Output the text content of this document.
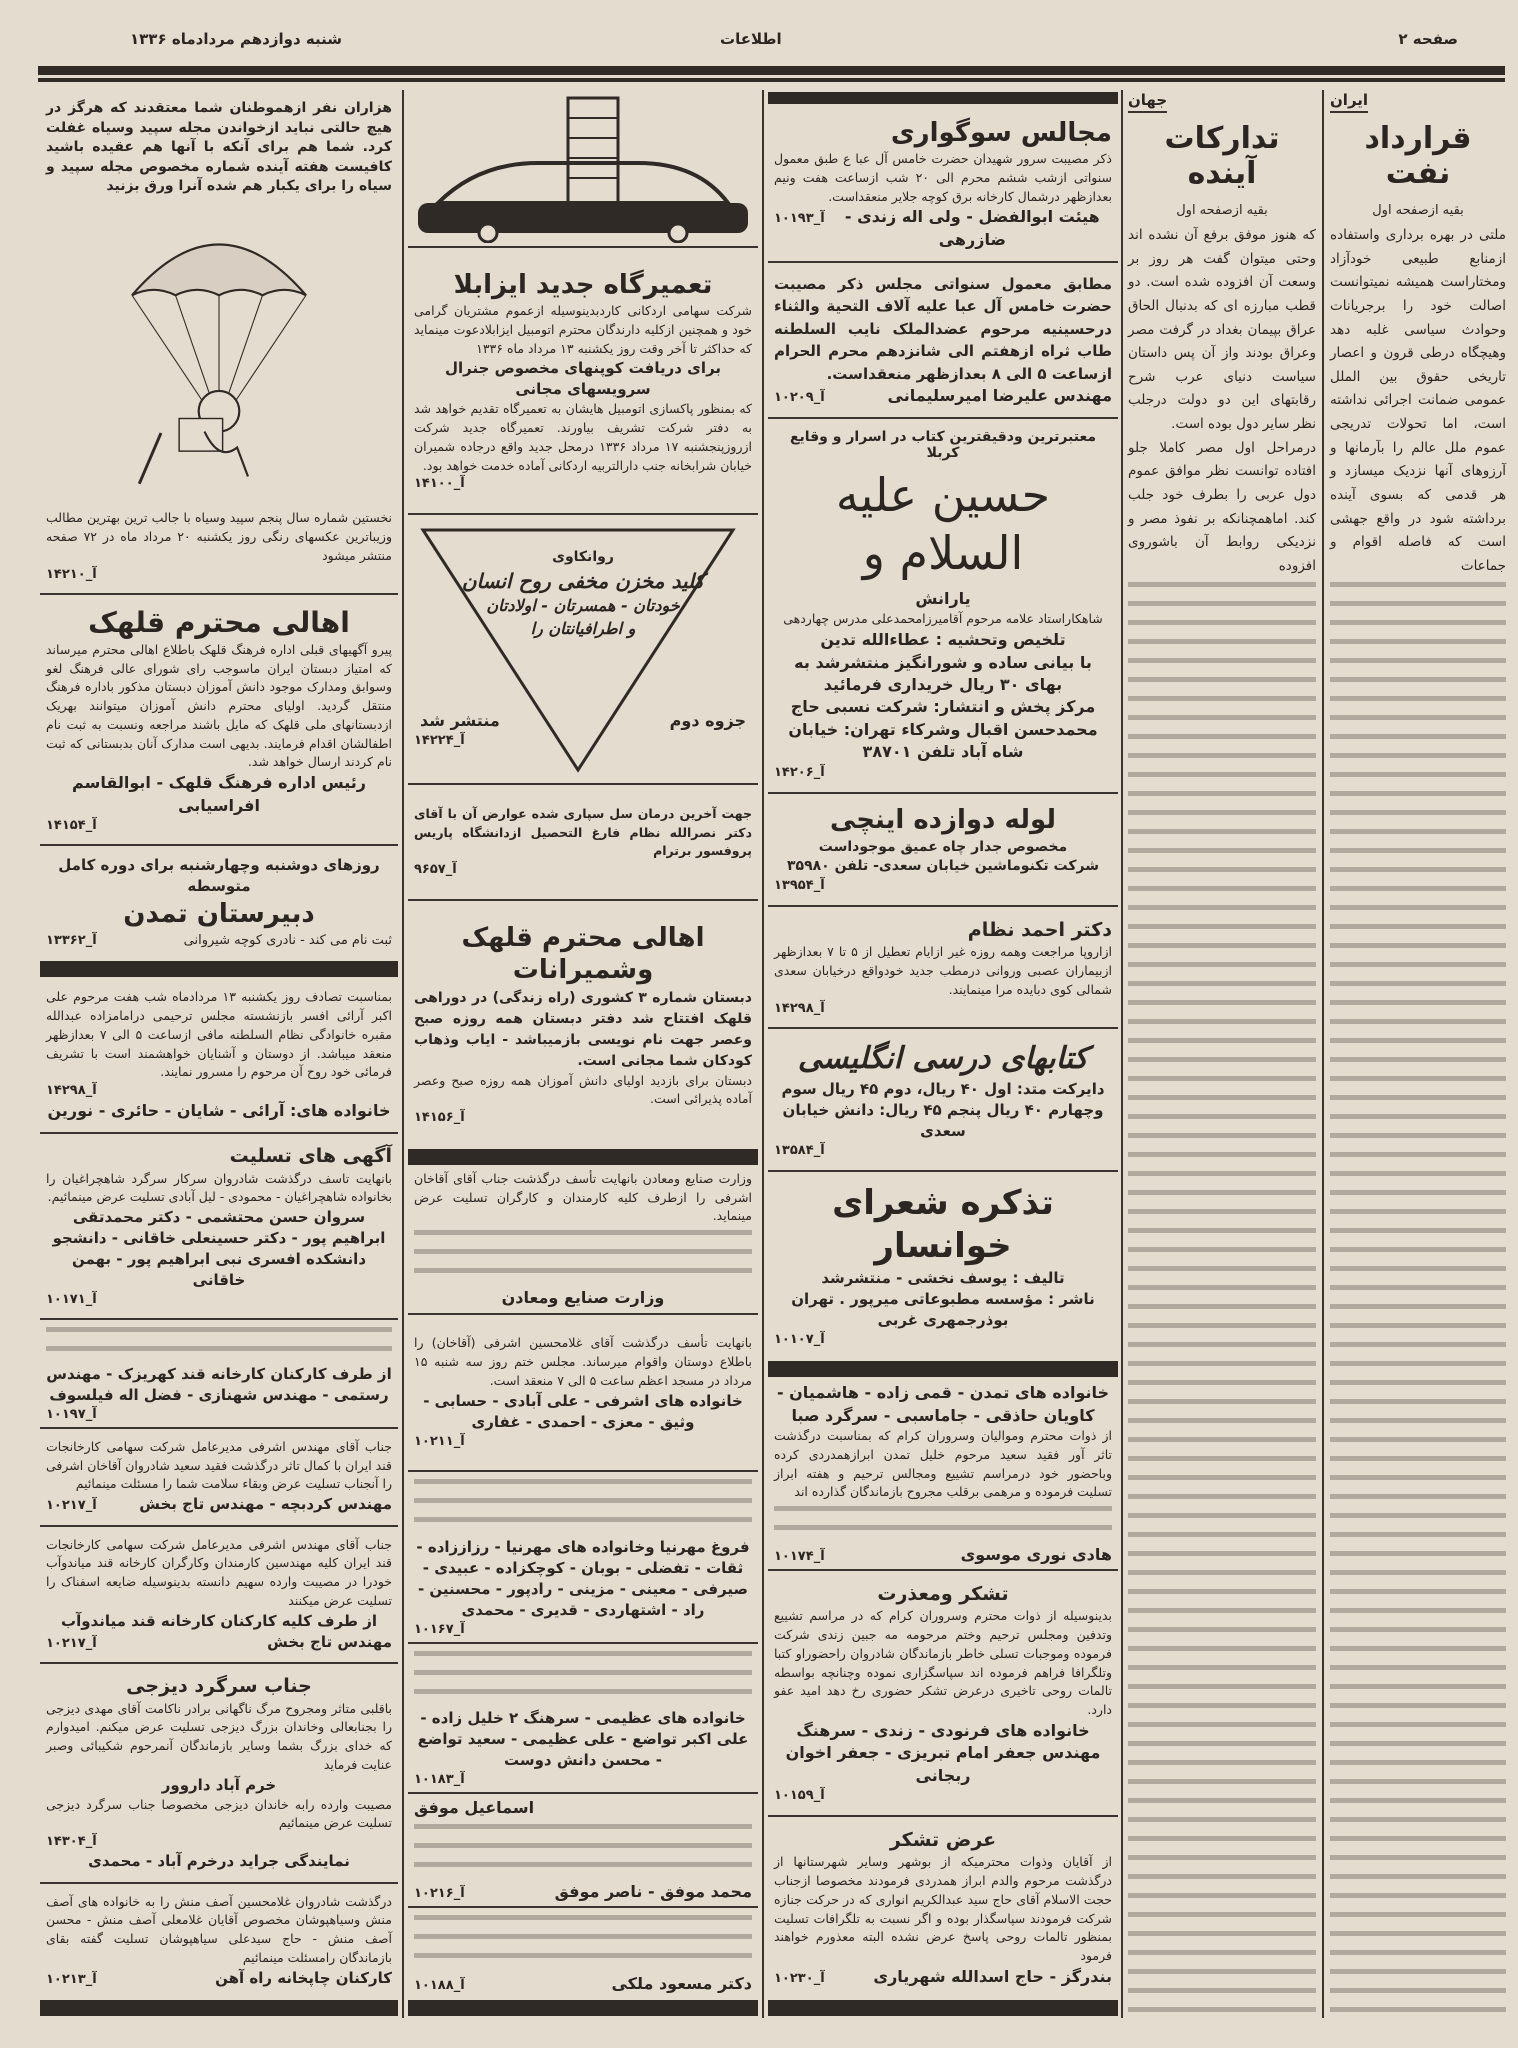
صفحه ۲
اطلاعات
شنبه دوازدهم مردادماه ۱۳۳۶
ایران
قرارداد نفت
بقیه ازصفحه اول

ملتی در بهره برداری واستفاده ازمنابع طبیعی خودآزاد ومختاراست همیشه نمیتوانست اصالت خود را برجریانات وحوادث سیاسی غلبه دهد وهیچگاه درطی قرون و اعصار تاریخی حقوق بین الملل عمومی ضمانت اجرائی نداشته است، اما تحولات تدریجی عموم ملل عالم را بآرمانها و آرزوهای آنها نزدیک میسازد و هر قدمی که بسوی آینده برداشته شود در واقع جهشی است که فاصله اقوام و جماعات

جهان
تدارکات آینده
بقیه ازصفحه اول

که هنوز موفق برفع آن نشده اند وحتی میتوان گفت هر روز بر وسعت آن افزوده شده است. دو قطب مبارزه ای که بدنبال الحاق عراق بپیمان بغداد در گرفت مصر وعراق بودند واز آن پس داستان سیاست دنیای عرب شرح رقابتهای این دو دولت درجلب نظر سایر دول بوده است.

درمراحل اول مصر کاملا جلو افتاده توانست نظر موافق عموم دول عربی را بطرف خود جلب کند. اماهمچنانکه بر نفوذ مصر و نزدیکی روابط آن باشوروی افزوده

مجالس سوگواری

ذکر مصیبت سرور شهیدان حضرت خامس آل عبا ع طبق معمول سنواتی ازشب ششم محرم الی ۲۰ شب ازساعت هفت ونیم بعدازظهر درشمال کارخانه برق کوچه جلایر منعقداست.

هیئت ابوالفضل - ولی اله زندی - ضازرهی
آ_۱۰۱۹۳

مطابق معمول سنواتی مجلس ذکر مصیبت حضرت خامس آل عبا علیه آلاف التحیة والثناء درحسینیه مرحوم عضدالملک نایب السلطنه طاب ثراه ازهفتم الی شانزدهم محرم الحرام ازساعت ۵ الی ۸ بعدازظهر منعقداست.

مهندس علیرضا امیرسلیمانی
آ_۱۰۲۰۹
معتبرترین ودقیقترین کتاب در اسرار و وقایع کربلا
حسین علیه السلام و
یارانش

شاهکاراستاد علامه مرحوم آقامیرزامحمدعلی مدرس چهاردهی

تلخیص وتحشیه : عطاءالله تدین
با بیانی ساده و شورانگیز منتشرشد به بهای ۳۰ ریال خریداری فرمائید
مرکز پخش و انتشار: شرکت نسبی حاج محمدحسن اقبال وشرکاء تهران: خیابان شاه آباد تلفن ۳۸۷۰۱
آ_۱۴۲۰۶
لوله دوازده اینچی
مخصوص جدار چاه عمیق موجوداست
شرکت تکنوماشین خیابان سعدی- تلفن ۳۵۹۸۰
آ_۱۳۹۵۴
دکتر احمد نظام

ازاروپا مراجعت وهمه روزه غیر ازایام تعطیل از ۵ تا ۷ بعدازظهر ازبیماران عصبی وروانی درمطب جدید خودواقع درخیابان سعدی شمالی کوی دبایده مرا مینمایند.

آ_۱۴۲۹۸
کتابهای درسی انگلیسی
دایرکت متد: اول ۴۰ ریال، دوم ۴۵ ریال سوم وچهارم ۴۰ ریال پنجم ۴۵ ریال: دانش خیابان سعدی
آ_۱۳۵۸۴
تذکره شعرای خوانسار
تالیف : یوسف نخشی - منتشرشد
ناشر : مؤسسه مطبوعاتی میرپور . تهران بوذرجمهری غربی
آ_۱۰۱۰۷
خانواده های تمدن - قمی زاده - هاشمیان - کاویان حاذقی - جاماسبی - سرگرد صبا

از ذوات محترم وموالیان وسروران کرام که بمناسبت درگذشت تاثر آور فقید سعید مرحوم خلیل تمدن ابرازهمدردی کرده وباحضور خود درمراسم تشییع ومجالس ترحیم و هفته ابراز تسلیت فرموده و مرهمی برقلب مجروح بازماندگان گذارده اند

هادی نوری موسوی
آ_۱۰۱۷۴
تشکر ومعذرت

بدینوسیله از ذوات محترم وسروران کرام که در مراسم تشییع وتدفین ومجلس ترحیم وختم مرحومه مه جبین زندی شرکت فرموده وموجبات تسلی خاطر بازماندگان شادروان راحضوراو کتبا وتلگرافا فراهم فرموده اند سپاسگزاری نموده وچنانچه بواسطه تالمات روحی تاخیری درعرض تشکر حضوری رخ دهد امید عفو دارد.

خانواده های فرنودی - زندی - سرهنگ مهندس جعفر امام تبریزی - جعفر اخوان ربجانی
آ_۱۰۱۵۹
عرض تشکر

از آقایان وذوات محترمیکه از بوشهر وسایر شهرستانها از درگذشت مرحوم والدم ابراز همدردی فرمودند مخصوصا ازجناب حجت الاسلام آقای حاج سید عبدالکریم انواری که در حرکت جنازه شرکت فرمودند سپاسگذار بوده و اگر نسبت به تلگرافات تسلیت بمنظور تالمات روحی پاسخ عرض نشده البته معذورم خواهند فرمود

بندرگز - حاج اسدالله شهریاری
آ_۱۰۲۳۰
تعمیرگاه جدید ایزابلا

شرکت سهامی اردکانی کاردبدینوسیله ازعموم مشتریان گرامی خود و همچنین ازکلیه دارندگان محترم اتومبیل ایزابلادعوت مینماید که حداکثر تا آخر وقت روز یکشنبه ۱۳ مرداد ماه ۱۳۳۶

برای دریافت کوپنهای مخصوص جنرال سرویسهای مجانی

که بمنظور پاکسازی اتومبیل هایشان به تعمیرگاه تقدیم خواهد شد به دفتر شرکت تشریف بیاورند. تعمیرگاه جدید شرکت ازروزپنجشنبه ۱۷ مرداد ۱۳۳۶ درمحل جدید واقع درجاده شمیران خیابان شرابخانه جنب دارالتربیه اردکانی آماده خدمت خواهد بود.

آ_۱۴۱۰۰
روانکاوی
کلید مخزن مخفی روح انسان
خودتان - همسرتان - اولادتان
و اطرافیانتان را
جزوه دوم
منتشر شد
آ_۱۴۲۲۴

جهت آخرین درمان سل سپاری شده عوارض آن با آقای دکتر نصرالله نظام فارغ التحصیل ازدانشگاه پاریس پروفسور برترام

آ_۹۶۵۷
اهالی محترم قلهک وشمیرانات

دبستان شماره ۳ کشوری (راه زندگی) در دوراهی قلهک افتتاح شد دفتر دبستان همه روزه صبح وعصر جهت نام نویسی بازمیباشد - ایاب وذهاب کودکان شما مجانی است.

دبستان برای بازدید اولیای دانش آموزان همه روزه صبح وعصر آماده پذیرائی است.

آ_۱۴۱۵۶

وزارت صنایع ومعادن بانهایت تأسف درگذشت جناب آقای آقاخان اشرفی را ازطرف کلیه کارمندان و کارگران تسلیت عرض مینماید.

وزارت صنایع ومعادن

بانهایت تأسف درگذشت آقای غلامحسین اشرفی (آقاخان) را باطلاع دوستان واقوام میرساند. مجلس ختم روز سه شنبه ۱۵ مرداد در مسجد اعظم ساعت ۵ الی ۷ منعقد است.

خانواده های اشرفی - علی آبادی - حسابی - وثیق - معزی - احمدی - غفاری
آ_۱۰۲۱۱
فروغ مهرنیا وخانواده های مهرنیا - رزاززاده - ثقات - تفضلی - بوبان - کوچکزاده - عبیدی - صیرفی - معینی - مزینی - رادپور - محسنین - راد - اشتهاردی - قدیری - محمدی
آ_۱۰۱۶۷
خانواده های عظیمی - سرهنگ ۲ خلیل زاده - علی اکبر تواضع - علی عظیمی - سعید تواضع - محسن دانش دوست
آ_۱۰۱۸۳
اسماعیل موفق
محمد موفق - ناصر موفق
آ_۱۰۲۱۶
دکتر مسعود ملکی
آ_۱۰۱۸۸
هزاران نفر ازهموطنان شما معتقدند که هرگز در هیچ حالتی نباید ازخواندن مجله سپید وسیاه غفلت کرد. شما هم برای آنکه با آنها هم عقیده باشید کافیست هفته آینده شماره مخصوص مجله سپید و سیاه را برای یکبار هم شده آنرا ورق بزنید

نخستین شماره سال پنجم سپید وسیاه با جالب ترین بهترین مطالب وزیباترین عکسهای رنگی روز یکشنبه ۲۰ مرداد ماه در ۷۲ صفحه منتشر میشود

آ_۱۴۲۱۰
اهالی محترم قلهک

پیرو آگهیهای قبلی اداره فرهنگ قلهک باطلاع اهالی محترم میرساند که امتیاز دبستان ایران ماسوجب رای شورای عالی فرهنگ لغو وسوابق ومدارک موجود دانش آموزان دبستان مذکور باداره فرهنگ منتقل گردید. اولیای محترم دانش آموزان میتوانند بهریک ازدبستانهای ملی قلهک که مایل باشند مراجعه ونسبت به ثبت نام اطفالشان اقدام فرمایند. بدیهی است مدارک آنان بدبستانی که ثبت نام کردند ارسال خواهد شد.

رئیس اداره فرهنگ قلهک - ابوالقاسم افراسیابی
آ_۱۴۱۵۴
روزهای دوشنبه وچهارشنبه برای دوره کامل متوسطه
دبیرستان تمدن
ثبت نام می کند - نادری کوچه شیروانی
آ_۱۳۳۶۲

بمناسبت تصادف روز یکشنبه ۱۳ مردادماه شب هفت مرحوم علی اکبر آرائی افسر بازنشسته مجلس ترحیمی درامامزاده عبدالله مقبره خانوادگی نظام السلطنه مافی ازساعت ۵ الی ۷ بعدازظهر منعقد میباشد. از دوستان و آشنایان خواهشمند است با تشریف فرمائی خود روح آن مرحوم را مسرور نمایند.

آ_۱۴۲۹۸
خانواده های: آرائی - شایان - حائری - نورین
آگهی های تسلیت

بانهایت تاسف درگذشت شادروان سرکار سرگرد شاهچراغیان را بخانواده شاهچراغیان - محمودی - لیل آبادی تسلیت عرض مینمائیم.

سروان حسن محتشمی - دکتر محمدتقی ابراهیم پور - دکتر حسینعلی خاقانی - دانشجو دانشکده افسری نبی ابراهیم پور - بهمن خاقانی
آ_۱۰۱۷۱
از طرف کارکنان کارخانه قند کهریزک - مهندس رستمی - مهندس شهنازی - فضل اله فیلسوف
آ_۱۰۱۹۷

جناب آقای مهندس اشرفی مدیرعامل شرکت سهامی کارخانجات قند ایران با کمال تاثر درگذشت فقید سعید شادروان آقاخان اشرفی را آنجناب تسلیت عرض وبقاء سلامت شما را مسئلت مینمائیم

مهندس کردبچه - مهندس تاج بخش
آ_۱۰۲۱۷

جناب آقای مهندس اشرفی مدیرعامل شرکت سهامی کارخانجات قند ایران کلیه مهندسین کارمندان وکارگران کارخانه قند میاندوآب خودرا در مصیبت وارده سهیم دانسته بدینوسیله ضایعه اسفناک را تسلیت عرض میکنند

از طرف کلیه کارکنان کارخانه قند میاندوآب
مهندس تاج بخش
آ_۱۰۲۱۷
جناب سرگرد دیزجی

باقلبی متاثر ومجروح مرگ ناگهانی برادر ناکامت آقای مهدی دیزجی را بجنابعالی وخاندان بزرگ دیزجی تسلیت عرض میکنم. امیدوارم که خدای بزرگ بشما وسایر بازماندگان آنمرحوم شکیبائی وصبر عنایت فرماید

خرم آباد داروور

مصیبت وارده رابه خاندان دیزجی مخصوصا جناب سرگرد دیزجی تسلیت عرض مینمائیم

آ_۱۴۳۰۴
نمایندگی جراید درخرم آباد - محمدی

درگذشت شادروان غلامحسین آصف منش را به خانواده های آصف منش وسیاهپوشان مخصوص آقایان غلامعلی آصف منش - محسن آصف منش - حاج سیدعلی سیاهپوشان تسلیت گفته بقای بازماندگان رامسئلت مینمائیم

کارکنان چاپخانه راه آهن
آ_۱۰۲۱۳
